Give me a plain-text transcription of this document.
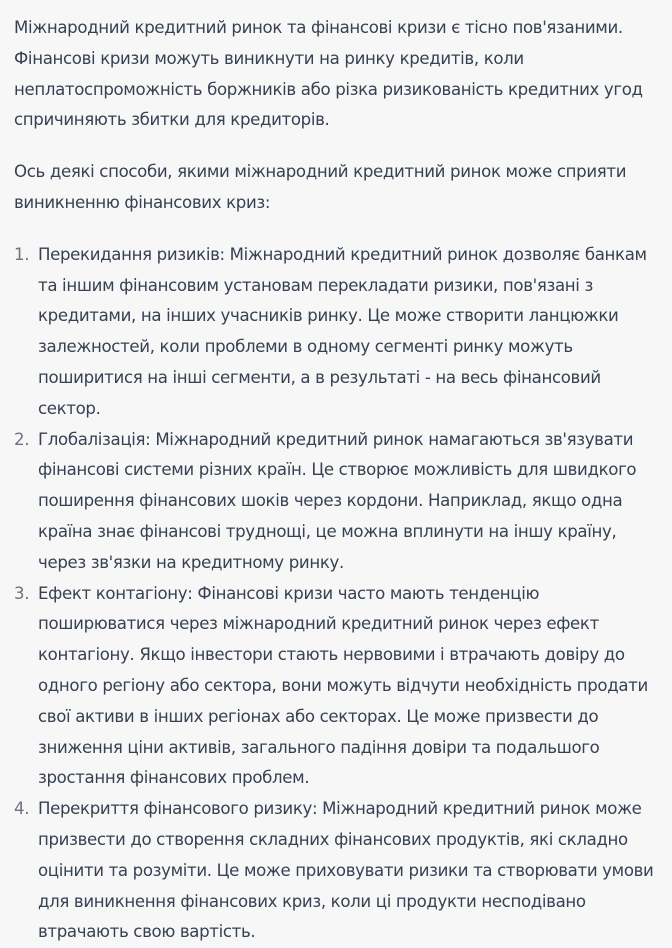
Міжнародний кредитний ринок та фінансові кризи є тісно пов'язаними. Фінансові кризи можуть виникнути на ринку кредитів, коли неплатоспроможність боржників або різка ризикованість кредитних угод спричиняють збитки для кредиторів.

Ось деякі способи, якими міжнародний кредитний ринок може сприяти виникненню фінансових криз:

1. Перекидання ризиків: Міжнародний кредитний ринок дозволяє банкам та іншим фінансовим установам перекладати ризики, пов'язані з кредитами, на інших учасників ринку. Це може створити ланцюжки залежностей, коли проблеми в одному сегменті ринку можуть поширитися на інші сегменти, а в результаті - на весь фінансовий сектор.
2. Глобалізація: Міжнародний кредитний ринок намагаються зв'язувати фінансові системи різних країн. Це створює можливість для швидкого поширення фінансових шоків через кордони. Наприклад, якщо одна країна знає фінансові труднощі, це можна вплинути на іншу країну, через зв'язки на кредитному ринку.
3. Ефект контагіону: Фінансові кризи часто мають тенденцію поширюватися через міжнародний кредитний ринок через ефект контагіону. Якщо інвестори стають нервовими і втрачають довіру до одного регіону або сектора, вони можуть відчути необхідність продати свої активи в інших регіонах або секторах. Це може призвести до зниження ціни активів, загального падіння довіри та подальшого зростання фінансових проблем.
4. Перекриття фінансового ризику: Міжнародний кредитний ринок може призвести до створення складних фінансових продуктів, які складно оцінити та розуміти. Це може приховувати ризики та створювати умови для виникнення фінансових криз, коли ці продукти несподівано втрачають свою вартість.
